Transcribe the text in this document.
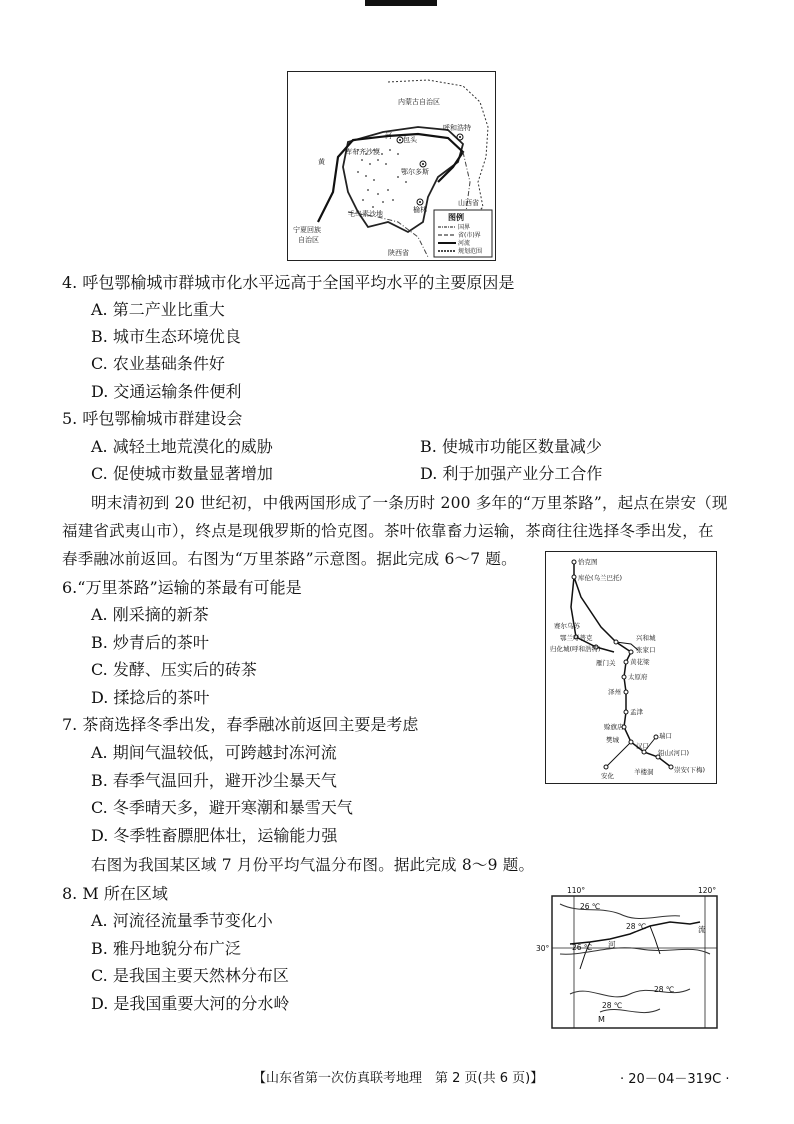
内蒙古自治区
呼和浩特
包头
河
黄
库布齐沙漠
鄂尔多斯
山西省
毛乌素沙地	榆林
宁夏回族
自治区
陕西省
图例
国界
省(市)界
河流
规划范围
4. 呼包鄂榆城市群城市化水平远高于全国平均水平的主要原因是
A. 第二产业比重大
B. 城市生态环境优良
C. 农业基础条件好
D. 交通运输条件便利
5. 呼包鄂榆城市群建设会
A. 减轻土地荒漠化的威胁	B. 使城市功能区数量减少
C. 促使城市数量显著增加	D. 利于加强产业分工合作
明末清初到 20 世纪初，中俄两国形成了一条历时 200 多年的“万里茶路”，起点在崇安（现
福建省武夷山市），终点是现俄罗斯的恰克图。茶叶依靠畜力运输，茶商往往选择冬季出发，在
春季融冰前返回。右图为“万里茶路”示意图。据此完成 6～7 题。	恰克图
库伦(乌兰巴托)
赛尔乌苏
鄂兰呼普克	兴和城
张家口
归化城(呼和浩特)
雁门关 黄花梁
太原府
泽州
孟津
赊旗店
樊城
汉口
羊楼洞
瑞口
铅山(河口)
安化
崇安(下梅)
6.“万里茶路”运输的茶最有可能是
A. 刚采摘的新茶
B. 炒青后的茶叶
C. 发酵、压实后的砖茶
D. 揉捻后的茶叶
7. 茶商选择冬季出发，春季融冰前返回主要是考虑
A. 期间气温较低，可跨越封冻河流
B. 春季气温回升，避开沙尘暴天气
C. 冬季晴天多，避开寒潮和暴雪天气
D. 冬季牲畜膘肥体壮，运输能力强
右图为我国某区域 7 月份平均气温分布图。据此完成 8～9 题。
110°	120°
30°
26 ℃
28 ℃	流
26 ℃ 河
28 ℃
28 ℃
M
8. M 所在区域
A. 河流径流量季节变化小
B. 雅丹地貌分布广泛
C. 是我国主要天然林分布区
D. 是我国重要大河的分水岭
【山东省第一次仿真联考地理　第 2 页(共 6 页)】	· 20－04－319C ·
